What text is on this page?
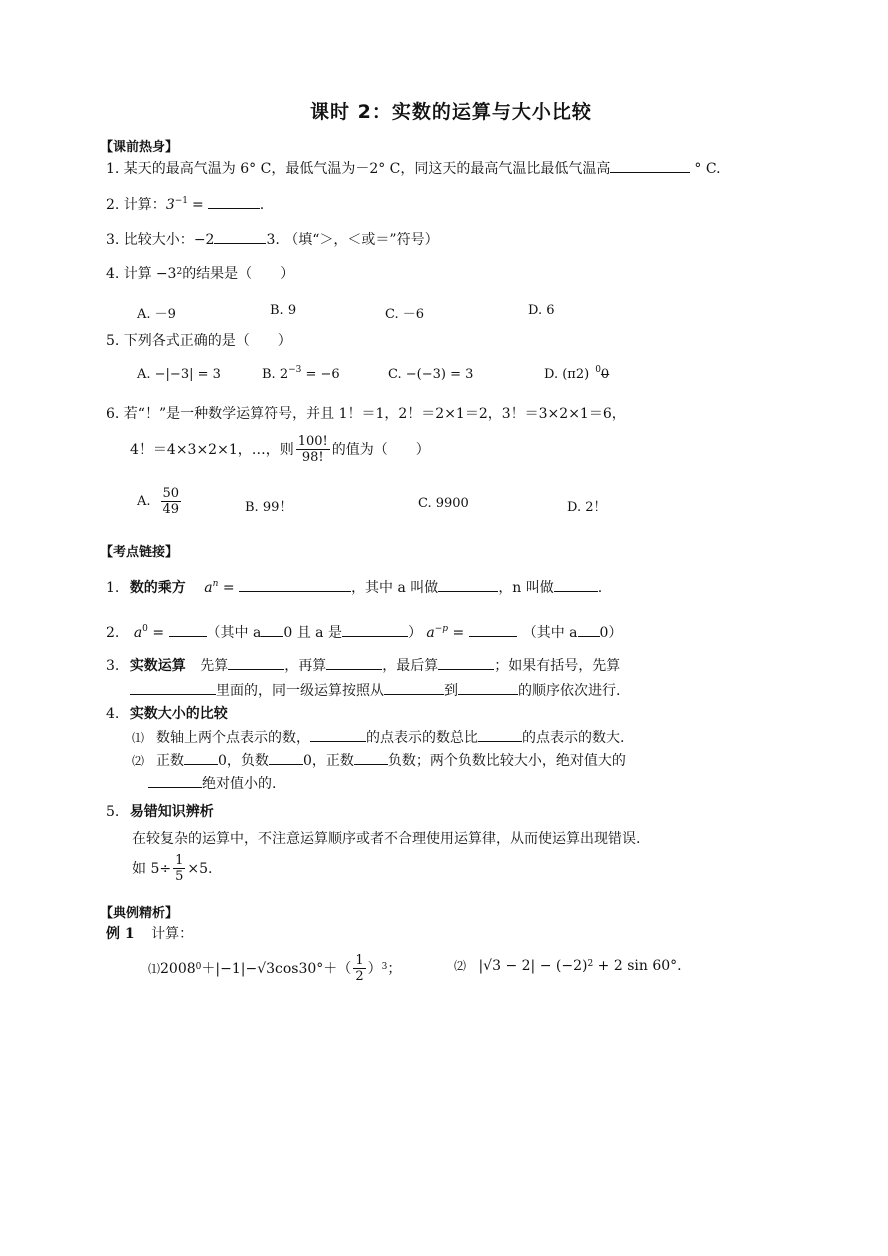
课时 2：实数的运算与大小比较
【课前热身】
1. 某天的最高气温为 6° C，最低气温为－2° C，同这天的最高气温比最低气温高	° C.
2. 计算：$3^{-1}$ =	.
3. 比较大小：−2	3. （填“＞，＜或＝”符号）
4. 计算 $-3^2$的结果是（　　）
A. －9	B. 9	C. －6	D. 6
5. 下列各式正确的是（　　）
A. −|−3| = 3	B. $2^{-3} = -6$	C. −(−3) = 3	D. (π2) $^0$0
6. 若“！”是一种数学运算符号，并且 1！＝1，2！＝2×1＝2，3！＝3×2×1＝6，
4！＝4×3×2×1，…，则 $\frac{100!}{98!}$ 的值为（　　）
A. $\frac{50}{49}$	B. 99！	C. 9900	D. 2！
【考点链接】
1. 数的乘方 $a^n$ =	，其中 a 叫做	，n 叫做	.
2. $a^0$ =	（其中 a 0 且 a 是	） $a^{-p}$ =	（其中 a 0）
3. 实数运算 先算	，再算	，最后算	；如果有括号，先算
里面的，同一级运算按照从	到	的顺序依次进行.
4. 实数大小的比较
⑴ 数轴上两个点表示的数，	的点表示的数总比	的点表示的数大.
⑵ 正数 0，负数 0，正数 负数；两个负数比较大小，绝对值大的
绝对值小的.
5. 易错知识辨析
在较复杂的运算中，不注意运算顺序或者不合理使用运算律，从而使运算出现错误.
如 $5\div \frac{1}{5} \times 5$.
【典例精析】
例 1 计算：
⑴ $2008^0 +|-1|- √3$ $\cos 30^\circ+( \frac{1}{2} )^3$ ；	⑵ $|√3 - 2| - (-2)^2 + 2$ sin 60°.
